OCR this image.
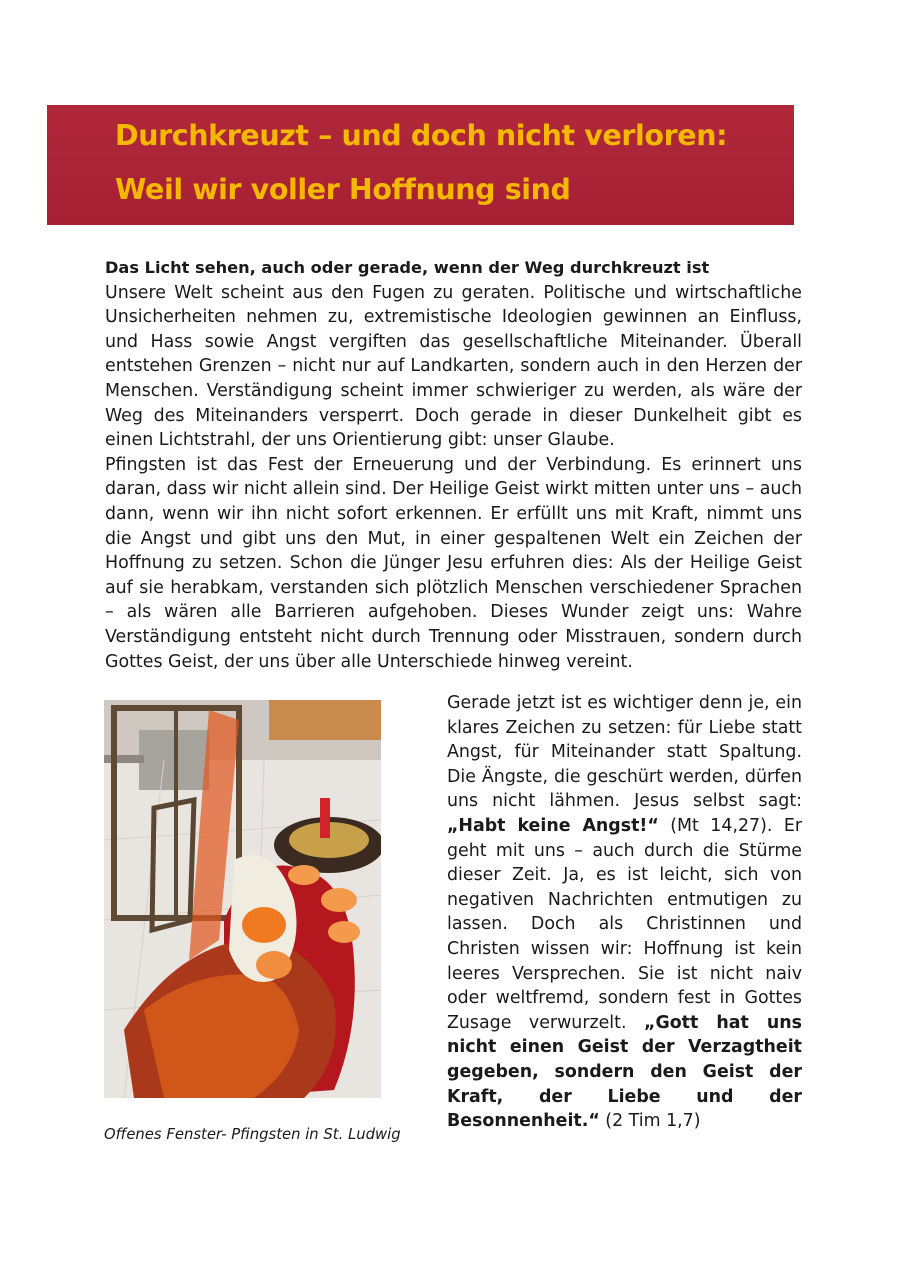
Durchkreuzt – und doch nicht verloren:
Weil wir voller Hoffnung sind

Das Licht sehen, auch oder gerade, wenn der Weg durchkreuzt ist

Unsere Welt scheint aus den Fugen zu geraten. Politische und wirtschaftliche Unsicherheiten nehmen zu, extremistische Ideologien gewinnen an Einfluss, und Hass sowie Angst vergiften das gesellschaftliche Miteinander. Überall entstehen Grenzen – nicht nur auf Landkarten, sondern auch in den Herzen der Menschen. Verständigung scheint immer schwieriger zu werden, als wäre der Weg des Miteinanders versperrt. Doch gerade in dieser Dunkelheit gibt es einen Lichtstrahl, der uns Orientierung gibt: unser Glaube.

Pfingsten ist das Fest der Erneuerung und der Verbindung. Es erinnert uns daran, dass wir nicht allein sind. Der Heilige Geist wirkt mitten unter uns – auch dann, wenn wir ihn nicht sofort erkennen. Er erfüllt uns mit Kraft, nimmt uns die Angst und gibt uns den Mut, in einer gespaltenen Welt ein Zeichen der Hoffnung zu setzen. Schon die Jünger Jesu erfuhren dies: Als der Heilige Geist auf sie herabkam, verstanden sich plötzlich Menschen verschiedener Sprachen – als wären alle Barrieren aufgehoben. Dieses Wunder zeigt uns: Wahre Verständigung entsteht nicht durch Trennung oder Misstrauen, sondern durch Gottes Geist, der uns über alle Unterschiede hinweg vereint.

Offenes Fenster- Pfingsten in St. Ludwig

Gerade jetzt ist es wichtiger denn je, ein klares Zeichen zu setzen: für Liebe statt Angst, für Miteinander statt Spaltung. Die Ängste, die geschürt werden, dürfen uns nicht lähmen. Jesus selbst sagt: „Habt keine Angst!“ (Mt 14,27). Er geht mit uns – auch durch die Stürme dieser Zeit. Ja, es ist leicht, sich von negativen Nachrichten entmutigen zu lassen. Doch als Christinnen und Christen wissen wir: Hoffnung ist kein leeres Versprechen. Sie ist nicht naiv oder weltfremd, sondern fest in Gottes Zusage verwurzelt. „Gott hat uns nicht einen Geist der Verzagtheit gegeben, sondern den Geist der Kraft, der Liebe und der Besonnenheit.“ (2 Tim 1,7)
